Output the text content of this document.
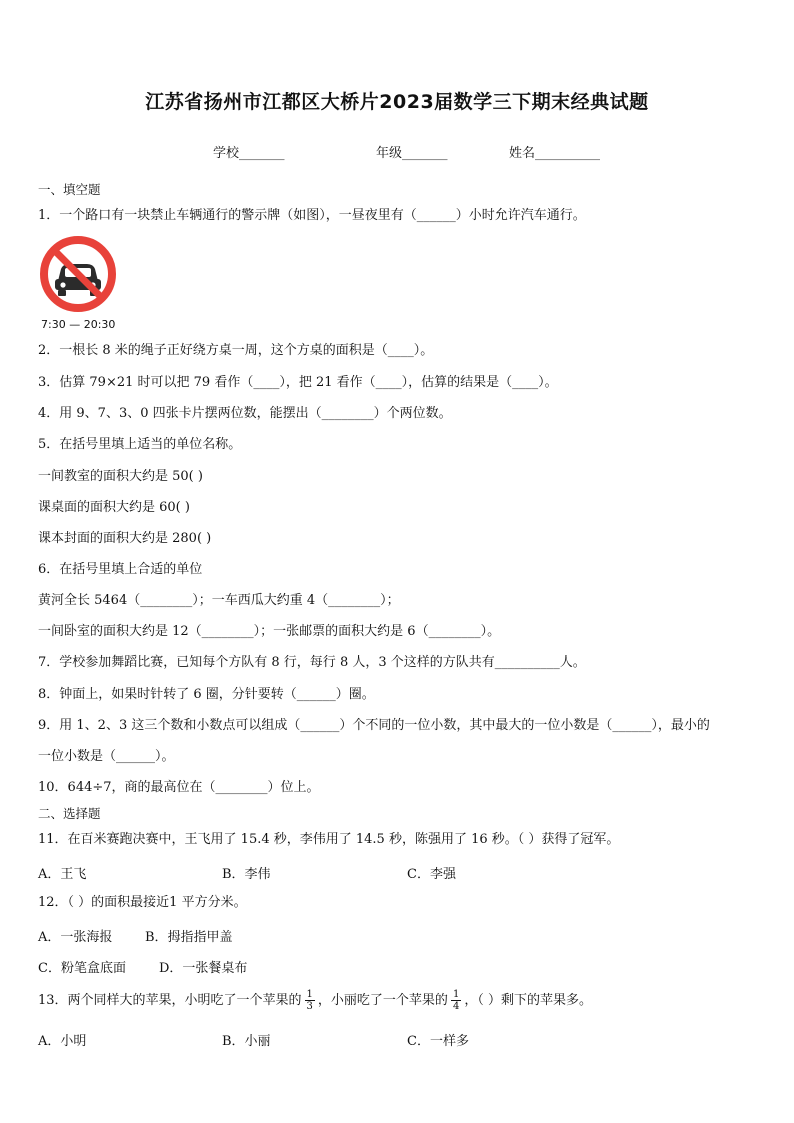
江苏省扬州市江都区大桥片2023届数学三下期末经典试题
学校_______	年级_______	姓名__________
一、填空题
1．一个路口有一块禁止车辆通行的警示牌（如图），一昼夜里有（______）小时允许汽车通行。
7:30 — 20:30
2．一根长 8 米的绳子正好绕方桌一周，这个方桌的面积是（____）。
3．估算 79×21 时可以把 79 看作（____），把 21 看作（____），估算的结果是（____）。
4．用 9、7、3、0 四张卡片摆两位数，能摆出（________）个两位数。
5．在括号里填上适当的单位名称。
一间教室的面积大约是 50( )
课桌面的面积大约是 60( )
课本封面的面积大约是 280( )
6．在括号里填上合适的单位
黄河全长 5464（________）；一车西瓜大约重 4（________）；
一间卧室的面积大约是 12（________）；一张邮票的面积大约是 6（________）。
7．学校参加舞蹈比赛，已知每个方队有 8 行，每行 8 人，3 个这样的方队共有__________人。
8．钟面上，如果时针转了 6 圈，分针要转（______）圈。
9．用 1、2、3 这三个数和小数点可以组成（______）个不同的一位小数，其中最大的一位小数是（______），最小的
一位小数是（______）。
10．644÷7，商的最高位在（________）位上。
二、选择题
11．在百米赛跑决赛中，王飞用了 15.4 秒，李伟用了 14.5 秒，陈强用了 16 秒。（ ）获得了冠军。
A．王飞	B．李伟	C．李强
12．（ ）的面积最接近1 平方分米。
A．一张海报	B．拇指指甲盖
C．粉笔盒底面	D．一张餐桌布
13．两个同样大的苹果，小明吃了一个苹果的 $\frac{1}{3}$ ，小丽吃了一个苹果的 $\frac{1}{4}$ ，（ ）剩下的苹果多。
A．小明	B．小丽	C．一样多
